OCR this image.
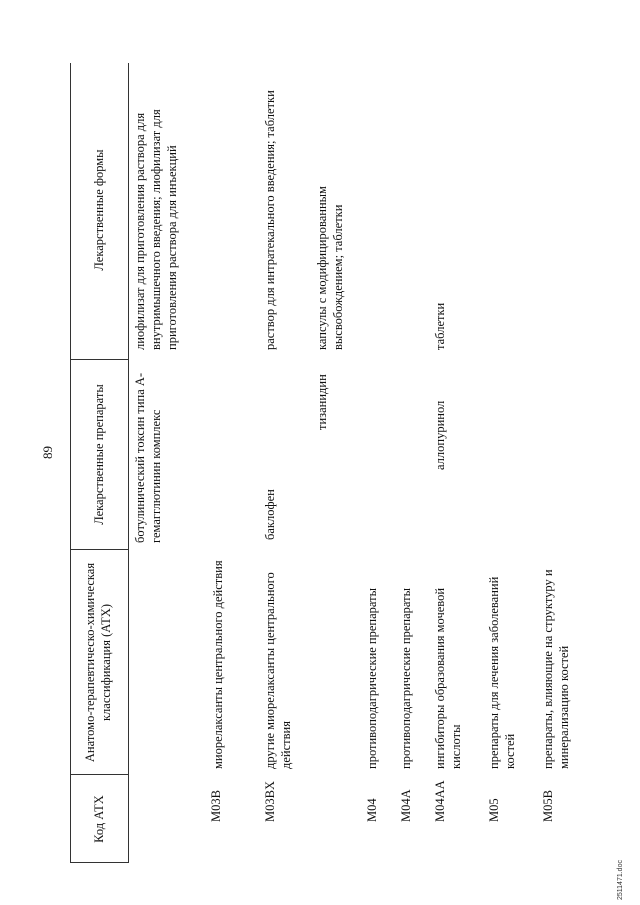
89
Код АТХ
Анатомо-терапевтическо-химическая классификация (АТХ)
Лекарственные препараты
Лекарственные формы
ботулинический токсин типа А-гемагглютинин комплекс
лиофилизат для приготовления раствора для внутримышечного введения; лиофилизат для приготовления раствора для инъекций
M03B
миорелаксанты центрального действия
M03BX
другие миорелаксанты центрального действия
баклофен
раствор для интратекального введения; таблетки
тизанидин
капсулы с модифицированным высвобождением; таблетки
M04
противоподагрические препараты
M04A
противоподагрические препараты
M04AA
ингибиторы образования мочевой кислоты
аллопуринол
таблетки
M05
препараты для лечения заболеваний костей
M05B
препараты, влияющие на структуру и минерализацию костей
2511471.doc
